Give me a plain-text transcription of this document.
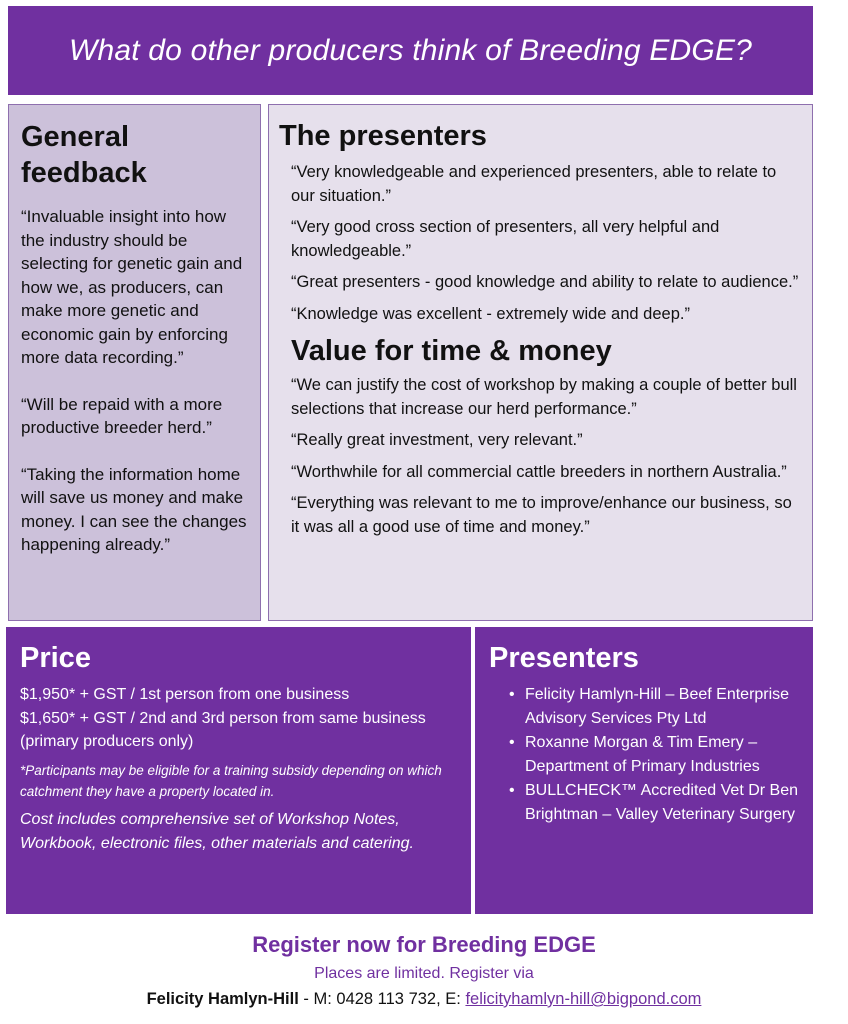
What do other producers think of Breeding EDGE?
General
feedback

“Invaluable insight into how the industry should be selecting for genetic gain and how we, as producers, can make more genetic and economic gain by enforcing more data recording.”

“Will be repaid with a more productive breeder herd.”

“Taking the information home will save us money and make money. I can see the changes happening already.”

The presenters
“Very knowledgeable and experienced presenters, able to relate to our situation.”
“Very good cross section of presenters, all very helpful and knowledgeable.”
“Great presenters - good knowledge and ability to relate to audience.”
“Knowledge was excellent - extremely wide and deep.”
Value for time & money
“We can justify the cost of workshop by making a couple of better bull selections that increase our herd performance.”
“Really great investment, very relevant.”
“Worthwhile for all commercial cattle breeders in northern Australia.”
“Everything was relevant to me to improve/enhance our business, so it was all a good use of time and money.”
Price
$1,950* + GST / 1st person from one business
$1,650* + GST / 2nd and 3rd person from same business (primary producers only)
*Participants may be eligible for a training subsidy depending on which catchment they have a property located in.
Cost includes comprehensive set of Workshop Notes, Workbook, electronic files, other materials and catering.
Presenters
• Felicity Hamlyn-Hill – Beef Enterprise Advisory Services Pty Ltd
• Roxanne Morgan & Tim Emery – Department of Primary Industries
• BULLCHECK™ Accredited Vet Dr Ben Brightman – Valley Veterinary Surgery
Register now for Breeding EDGE
Places are limited. Register via
Felicity Hamlyn-Hill - M: 0428 113 732, E: felicityhamlyn-hill@bigpond.com
